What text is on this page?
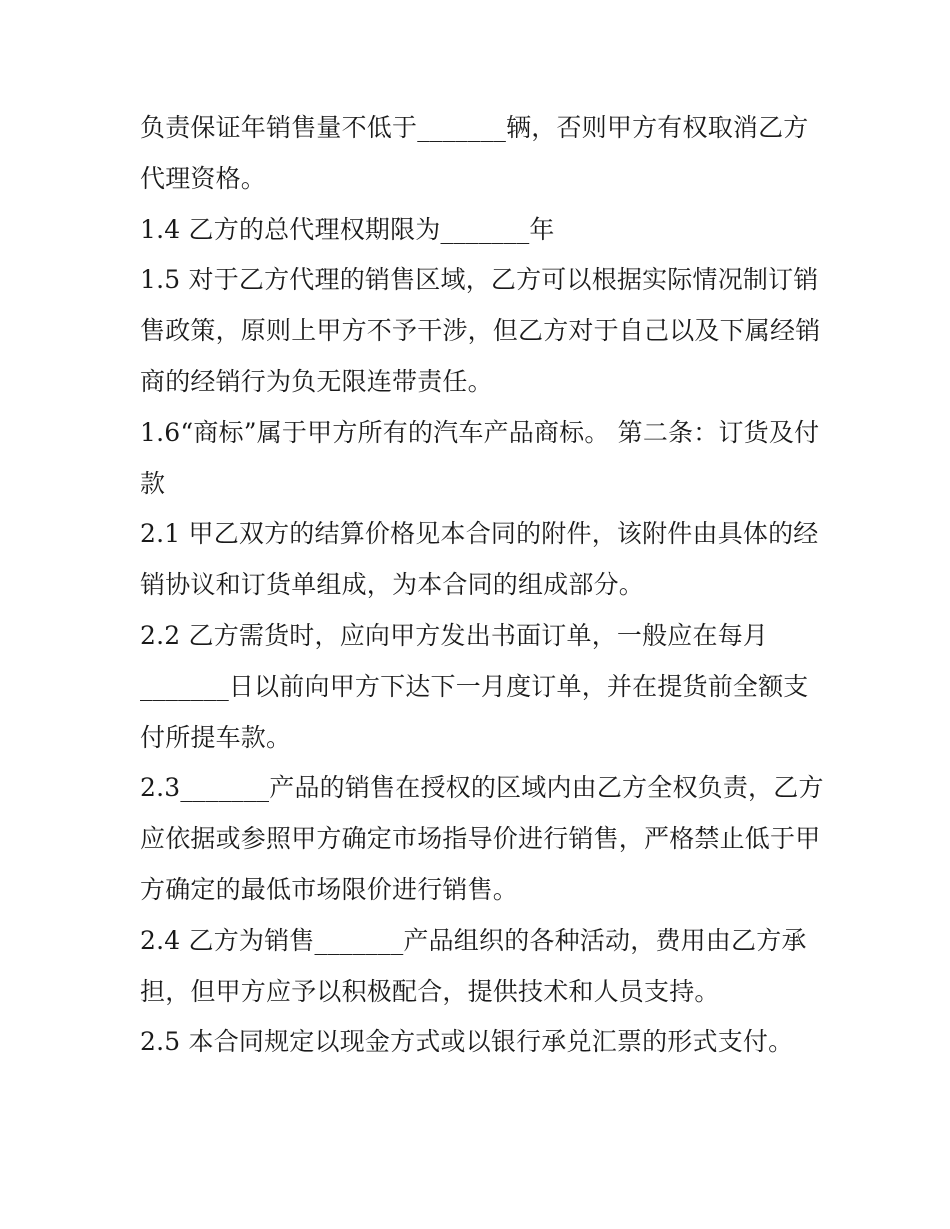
负责保证年销售量不低于_______辆，否则甲方有权取消乙方
代理资格。
1.4 乙方的总代理权期限为_______年
1.5 对于乙方代理的销售区域，乙方可以根据实际情况制订销
售政策，原则上甲方不予干涉，但乙方对于自己以及下属经销
商的经销行为负无限连带责任。
1.6“商标”属于甲方所有的汽车产品商标。 第二条：订货及付
款
2.1 甲乙双方的结算价格见本合同的附件，该附件由具体的经
销协议和订货单组成，为本合同的组成部分。
2.2 乙方需货时，应向甲方发出书面订单，一般应在每月
_______日以前向甲方下达下一月度订单，并在提货前全额支
付所提车款。
2.3_______产品的销售在授权的区域内由乙方全权负责，乙方
应依据或参照甲方确定市场指导价进行销售，严格禁止低于甲
方确定的最低市场限价进行销售。
2.4 乙方为销售_______产品组织的各种活动，费用由乙方承
担，但甲方应予以积极配合，提供技术和人员支持。
2.5 本合同规定以现金方式或以银行承兑汇票的形式支付。
